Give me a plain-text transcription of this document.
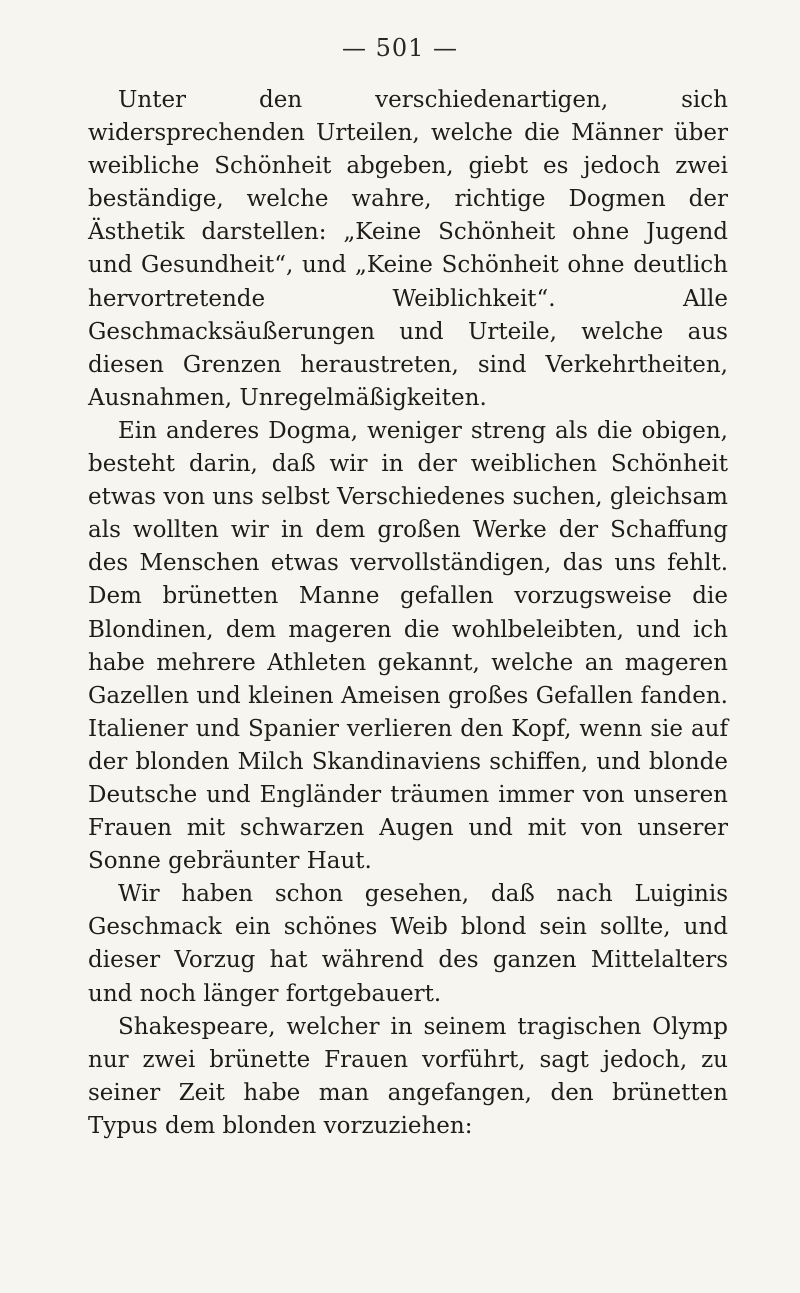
— 501 —

Unter den verschiedenartigen, sich widersprechenden Urteilen, welche die Männer über weibliche Schönheit abgeben, giebt es jedoch zwei beständige, welche wahre, richtige Dogmen der Ästhetik darstellen: „Keine Schönheit ohne Jugend und Gesundheit“, und „Keine Schönheit ohne deutlich hervortretende Weiblichkeit“. Alle Geschmacksäußerungen und Urteile, welche aus diesen Grenzen heraustreten, sind Verkehrtheiten, Ausnahmen, Unregelmäßigkeiten.

Ein anderes Dogma, weniger streng als die obigen, besteht darin, daß wir in der weiblichen Schönheit etwas von uns selbst Verschiedenes suchen, gleichsam als wollten wir in dem großen Werke der Schaffung des Menschen etwas vervollständigen, das uns fehlt. Dem brünetten Manne gefallen vorzugsweise die Blondinen, dem mageren die wohlbeleibten, und ich habe mehrere Athleten gekannt, welche an mageren Gazellen und kleinen Ameisen großes Gefallen fanden. Italiener und Spanier verlieren den Kopf, wenn sie auf der blonden Milch Skandinaviens schiffen, und blonde Deutsche und Engländer träumen immer von unseren Frauen mit schwarzen Augen und mit von unserer Sonne gebräunter Haut.

Wir haben schon gesehen, daß nach Luiginis Geschmack ein schönes Weib blond sein sollte, und dieser Vorzug hat während des ganzen Mittelalters und noch länger fortgebauert.

Shakespeare, welcher in seinem tragischen Olymp nur zwei brünette Frauen vorführt, sagt jedoch, zu seiner Zeit habe man angefangen, den brünetten Typus dem blonden vorzuziehen:
